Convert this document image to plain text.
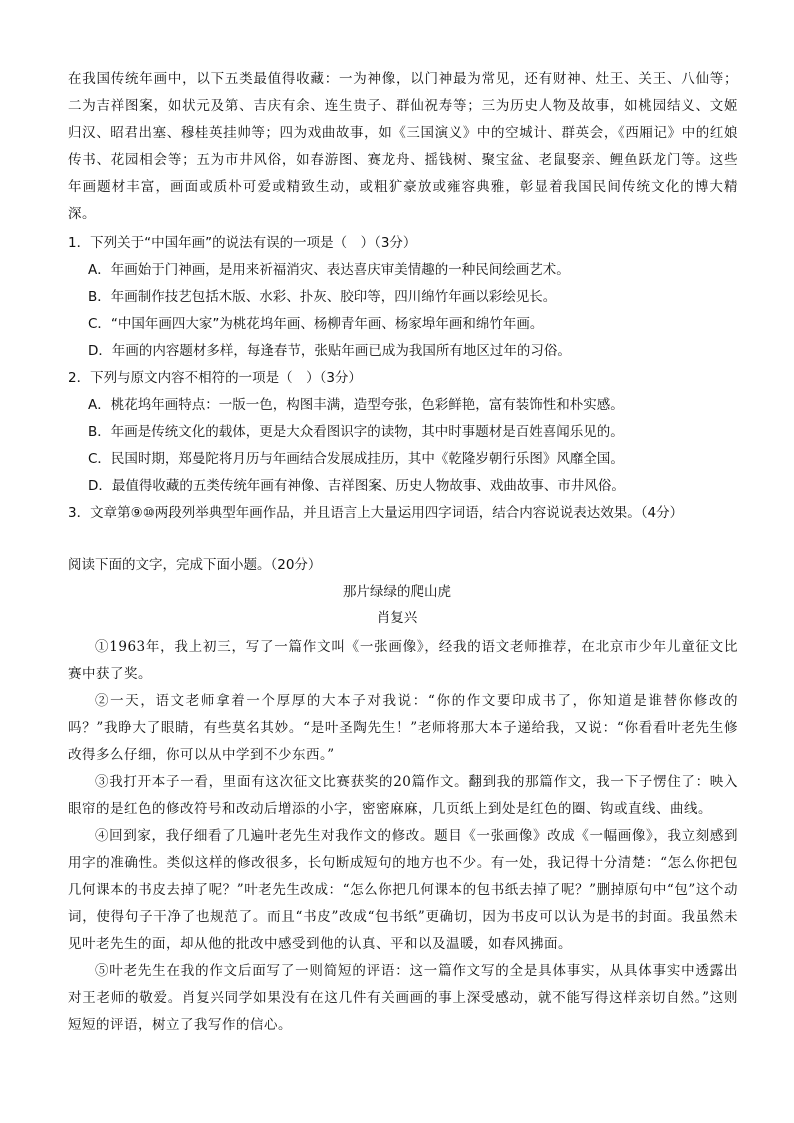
在我国传统年画中，以下五类最值得收藏：一为神像，以门神最为常见，还有财神、灶王、关王、八仙等；二为吉祥图案，如状元及第、吉庆有余、连生贵子、群仙祝寿等；三为历史人物及故事，如桃园结义、文姬归汉、昭君出塞、穆桂英挂帅等；四为戏曲故事，如《三国演义》中的空城计、群英会，《西厢记》中的红娘传书、花园相会等；五为市井风俗，如春游图、赛龙舟、摇钱树、聚宝盆、老鼠娶亲、鲤鱼跃龙门等。这些年画题材丰富，画面或质朴可爱或精致生动，或粗犷豪放或雍容典雅，彰显着我国民间传统文化的博大精深。
1．下列关于“中国年画”的说法有误的一项是（　）（3分）
A．年画始于门神画，是用来祈福消灾、表达喜庆审美情趣的一种民间绘画艺术。
B．年画制作技艺包括木版、水彩、扑灰、胶印等，四川绵竹年画以彩绘见长。
C．“中国年画四大家”为桃花坞年画、杨柳青年画、杨家埠年画和绵竹年画。
D．年画的内容题材多样，每逢春节，张贴年画已成为我国所有地区过年的习俗。
2．下列与原文内容不相符的一项是（　）（3分）
A．桃花坞年画特点：一版一色，构图丰满，造型夸张，色彩鲜艳，富有装饰性和朴实感。
B．年画是传统文化的载体，更是大众看图识字的读物，其中时事题材是百姓喜闻乐见的。
C．民国时期，郑曼陀将月历与年画结合发展成挂历，其中《乾隆岁朝行乐图》风靡全国。
D．最值得收藏的五类传统年画有神像、吉祥图案、历史人物故事、戏曲故事、市井风俗。
3．文章第⑨⑩两段列举典型年画作品，并且语言上大量运用四字词语，结合内容说说表达效果。（4分）
阅读下面的文字，完成下面小题。（20分）
那片绿绿的爬山虎
肖复兴
①1963年，我上初三，写了一篇作文叫《一张画像》，经我的语文老师推荐，在北京市少年儿童征文比赛中获了奖。
②一天，语文老师拿着一个厚厚的大本子对我说：“你的作文要印成书了，你知道是谁替你修改的吗？”我睁大了眼睛，有些莫名其妙。“是叶圣陶先生！”老师将那大本子递给我，又说：“你看看叶老先生修改得多么仔细，你可以从中学到不少东西。”
③我打开本子一看，里面有这次征文比赛获奖的20篇作文。翻到我的那篇作文，我一下子愣住了：映入眼帘的是红色的修改符号和改动后增添的小字，密密麻麻，几页纸上到处是红色的圈、钩或直线、曲线。
④回到家，我仔细看了几遍叶老先生对我作文的修改。题目《一张画像》改成《一幅画像》，我立刻感到用字的准确性。类似这样的修改很多，长句断成短句的地方也不少。有一处，我记得十分清楚：“怎么你把包几何课本的书皮去掉了呢？”叶老先生改成：“怎么你把几何课本的包书纸去掉了呢？”删掉原句中“包”这个动词，使得句子干净了也规范了。而且“书皮”改成“包书纸”更确切，因为书皮可以认为是书的封面。我虽然未见叶老先生的面，却从他的批改中感受到他的认真、平和以及温暖，如春风拂面。
⑤叶老先生在我的作文后面写了一则简短的评语：这一篇作文写的全是具体事实，从具体事实中透露出对王老师的敬爱。肖复兴同学如果没有在这几件有关画画的事上深受感动，就不能写得这样亲切自然。”这则短短的评语，树立了我写作的信心。
